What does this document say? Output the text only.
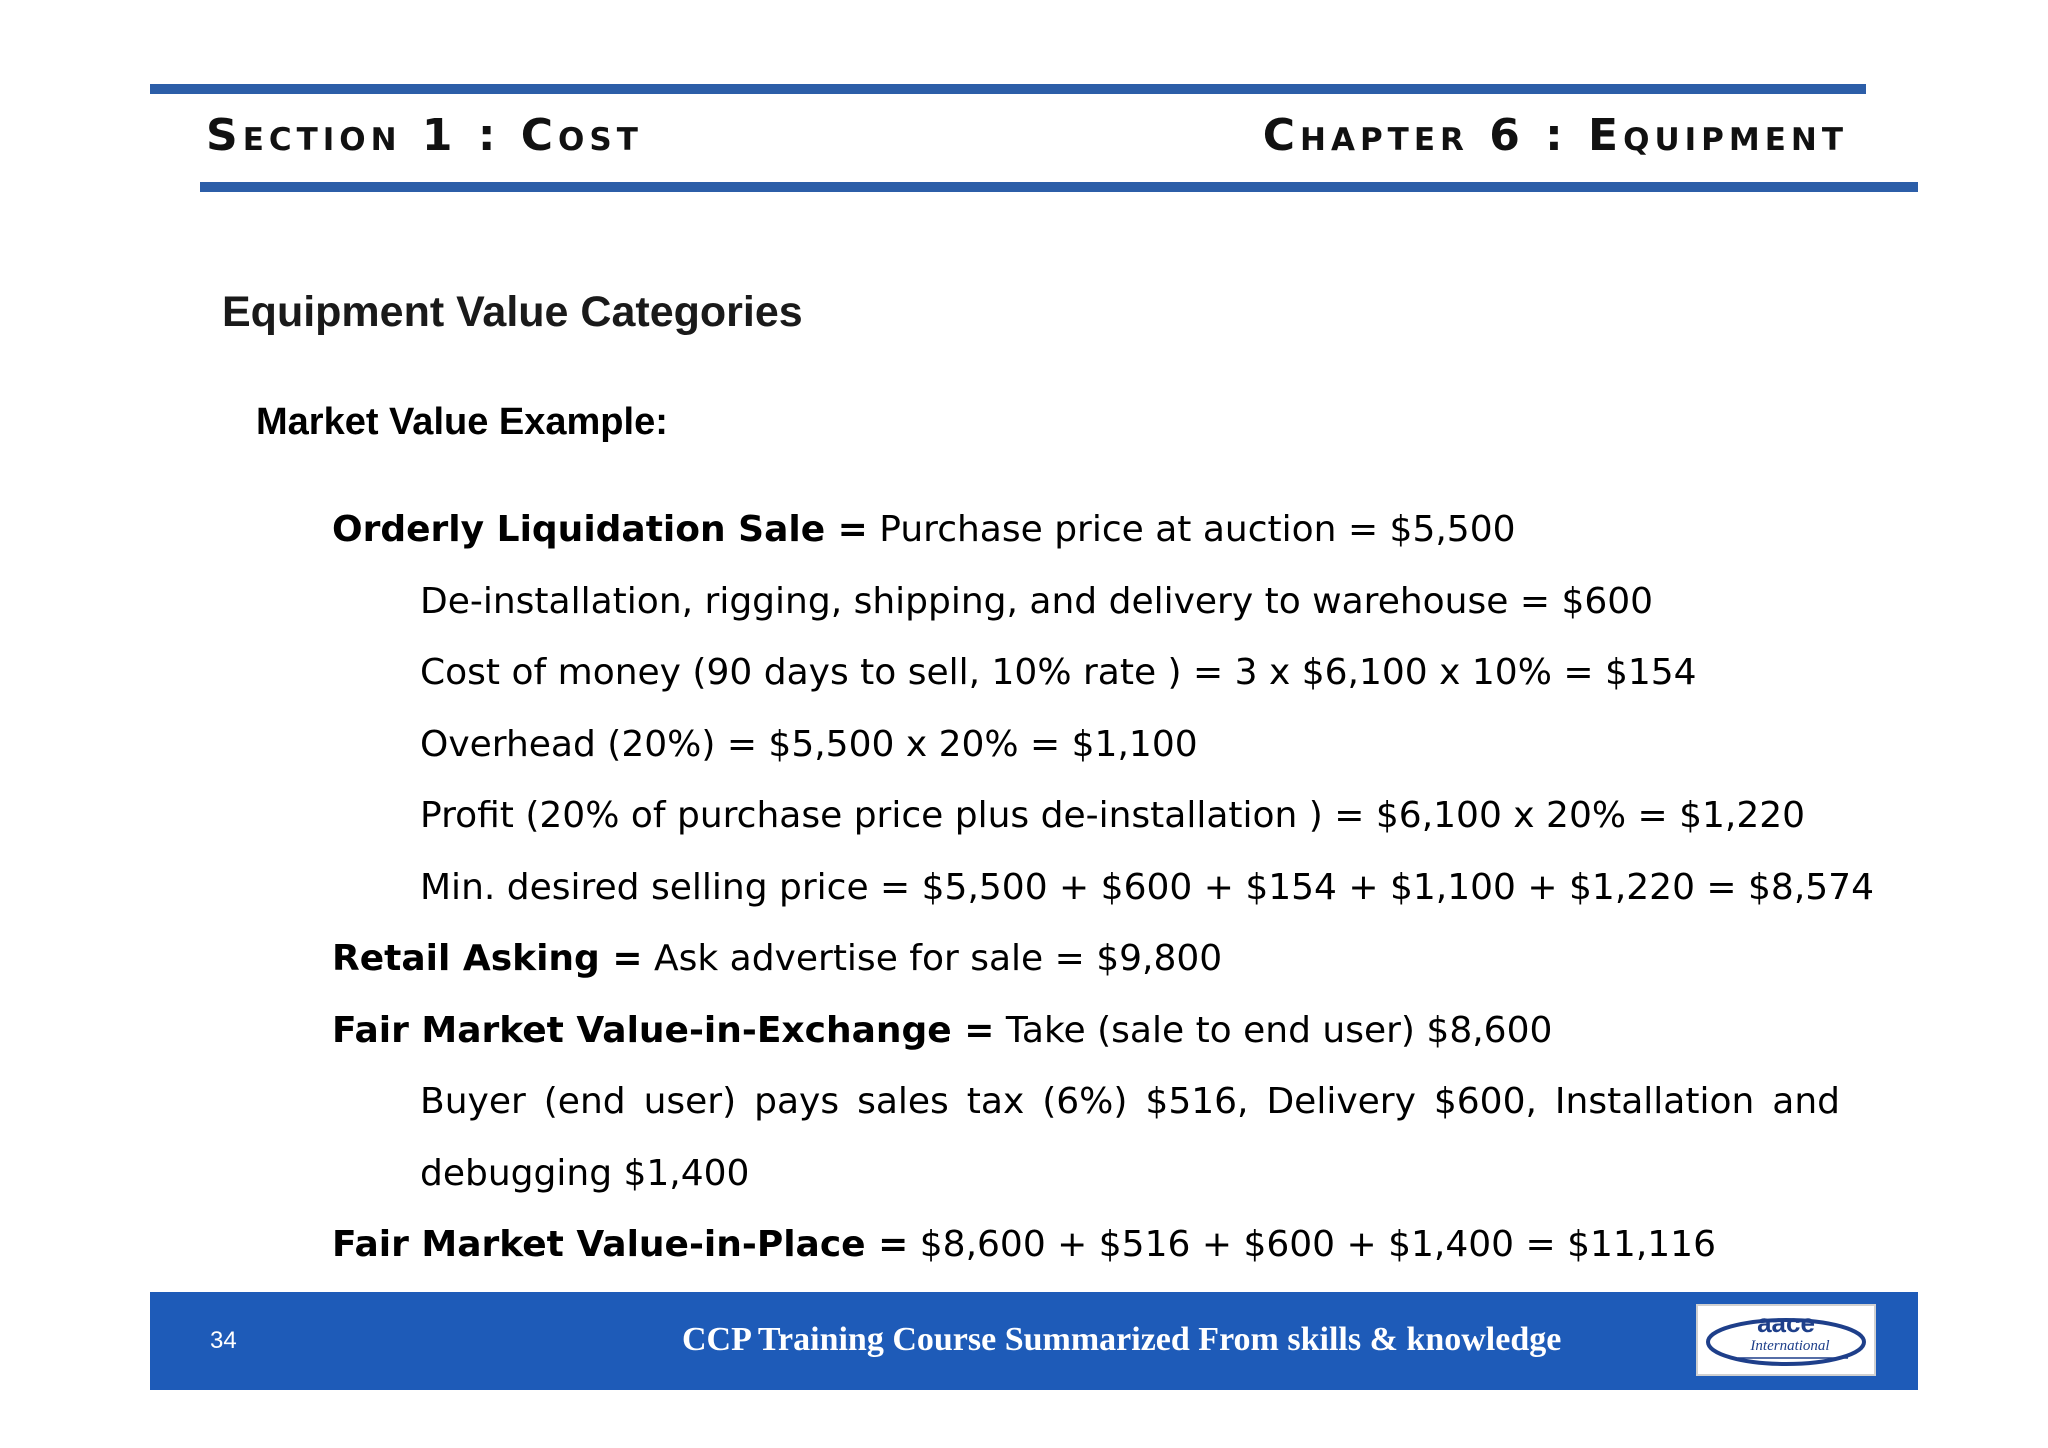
Section 1 : Cost	Chapter 6 : Equipment
Equipment Value Categories
Market Value Example:
Orderly Liquidation Sale = Purchase price at auction = $5,500
De-installation, rigging, shipping, and delivery to warehouse = $600
Cost of money (90 days to sell, 10% rate ) = 3 x $6,100 x 10% = $154
Overhead (20%) = $5,500 x 20% = $1,100
Profit (20% of purchase price plus de-installation ) = $6,100 x 20% = $1,220
Min. desired selling price = $5,500 + $600 + $154 + $1,100 + $1,220 = $8,574
Retail Asking = Ask advertise for sale = $9,800
Fair Market Value-in-Exchange = Take (sale to end user) $8,600
Buyer (end user) pays sales tax (6%) $516, Delivery $600, Installation and
debugging $1,400
Fair Market Value-in-Place = $8,600 + $516 + $600 + $1,400 = $11,116
34	CCP Training Course Summarized From skills & knowledge	aace
International
